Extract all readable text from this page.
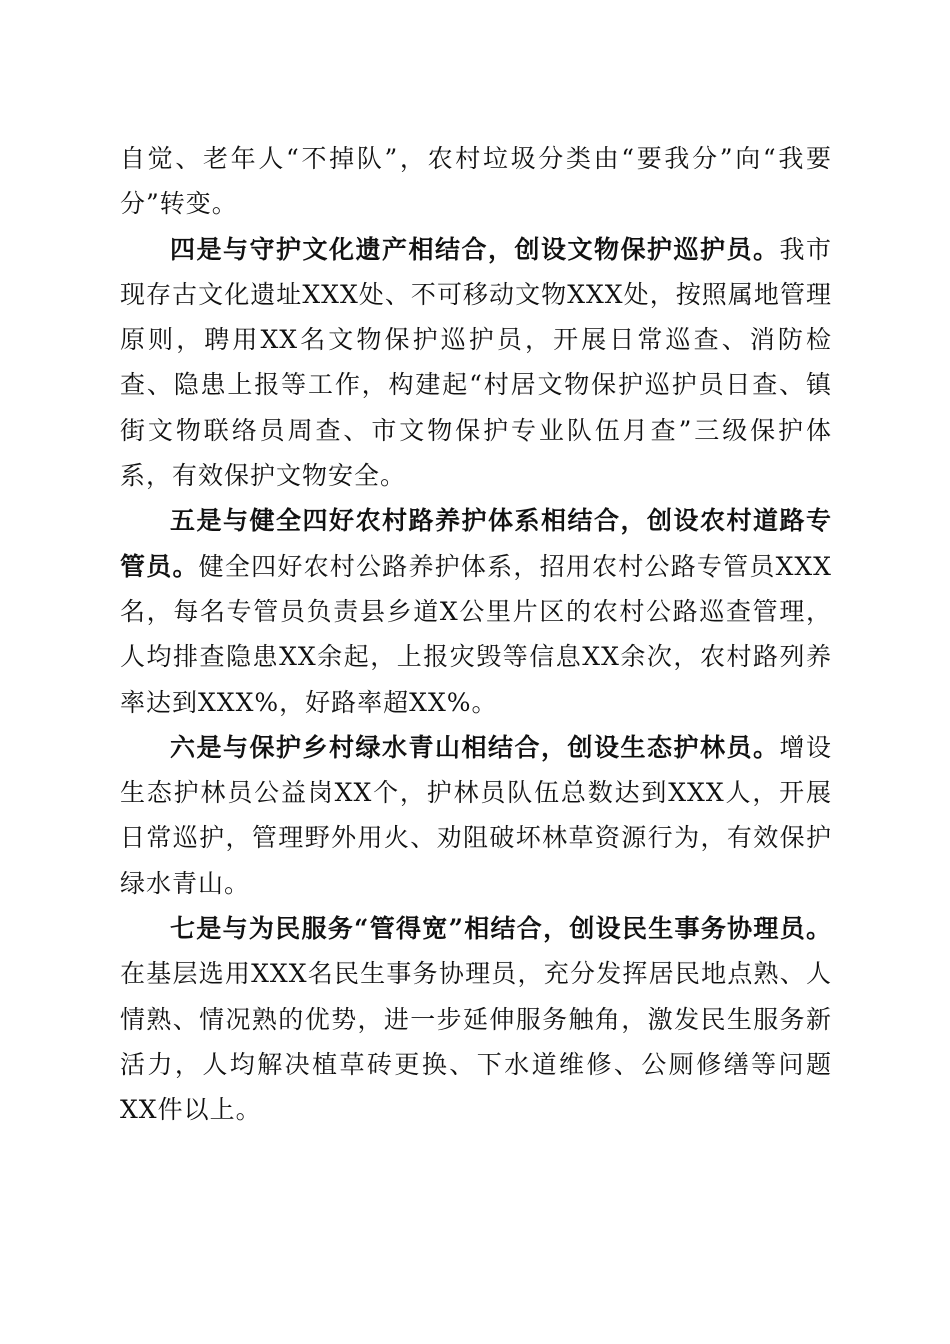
自觉、老年人“不掉队”，农村垃圾分类由“要我分”向“我要分”转变。

四是与守护文化遗产相结合，创设文物保护巡护员。我市现存古文化遗址XXX处、不可移动文物XXX处，按照属地管理原则，聘用XX名文物保护巡护员，开展日常巡查、消防检查、隐患上报等工作，构建起“村居文物保护巡护员日查、镇街文物联络员周查、市文物保护专业队伍月查”三级保护体系，有效保护文物安全。

五是与健全四好农村路养护体系相结合，创设农村道路专管员。健全四好农村公路养护体系，招用农村公路专管员XXX名，每名专管员负责县乡道X公里片区的农村公路巡查管理，人均排查隐患XX余起，上报灾毁等信息XX余次，农村路列养率达到XXX%，好路率超XX%。

六是与保护乡村绿水青山相结合，创设生态护林员。增设生态护林员公益岗XX个，护林员队伍总数达到XXX人，开展日常巡护，管理野外用火、劝阻破坏林草资源行为，有效保护绿水青山。

七是与为民服务“管得宽”相结合，创设民生事务协理员。在基层选用XXX名民生事务协理员，充分发挥居民地点熟、人情熟、情况熟的优势，进一步延伸服务触角，激发民生服务新活力，人均解决植草砖更换、下水道维修、公厕修缮等问题XX件以上。
